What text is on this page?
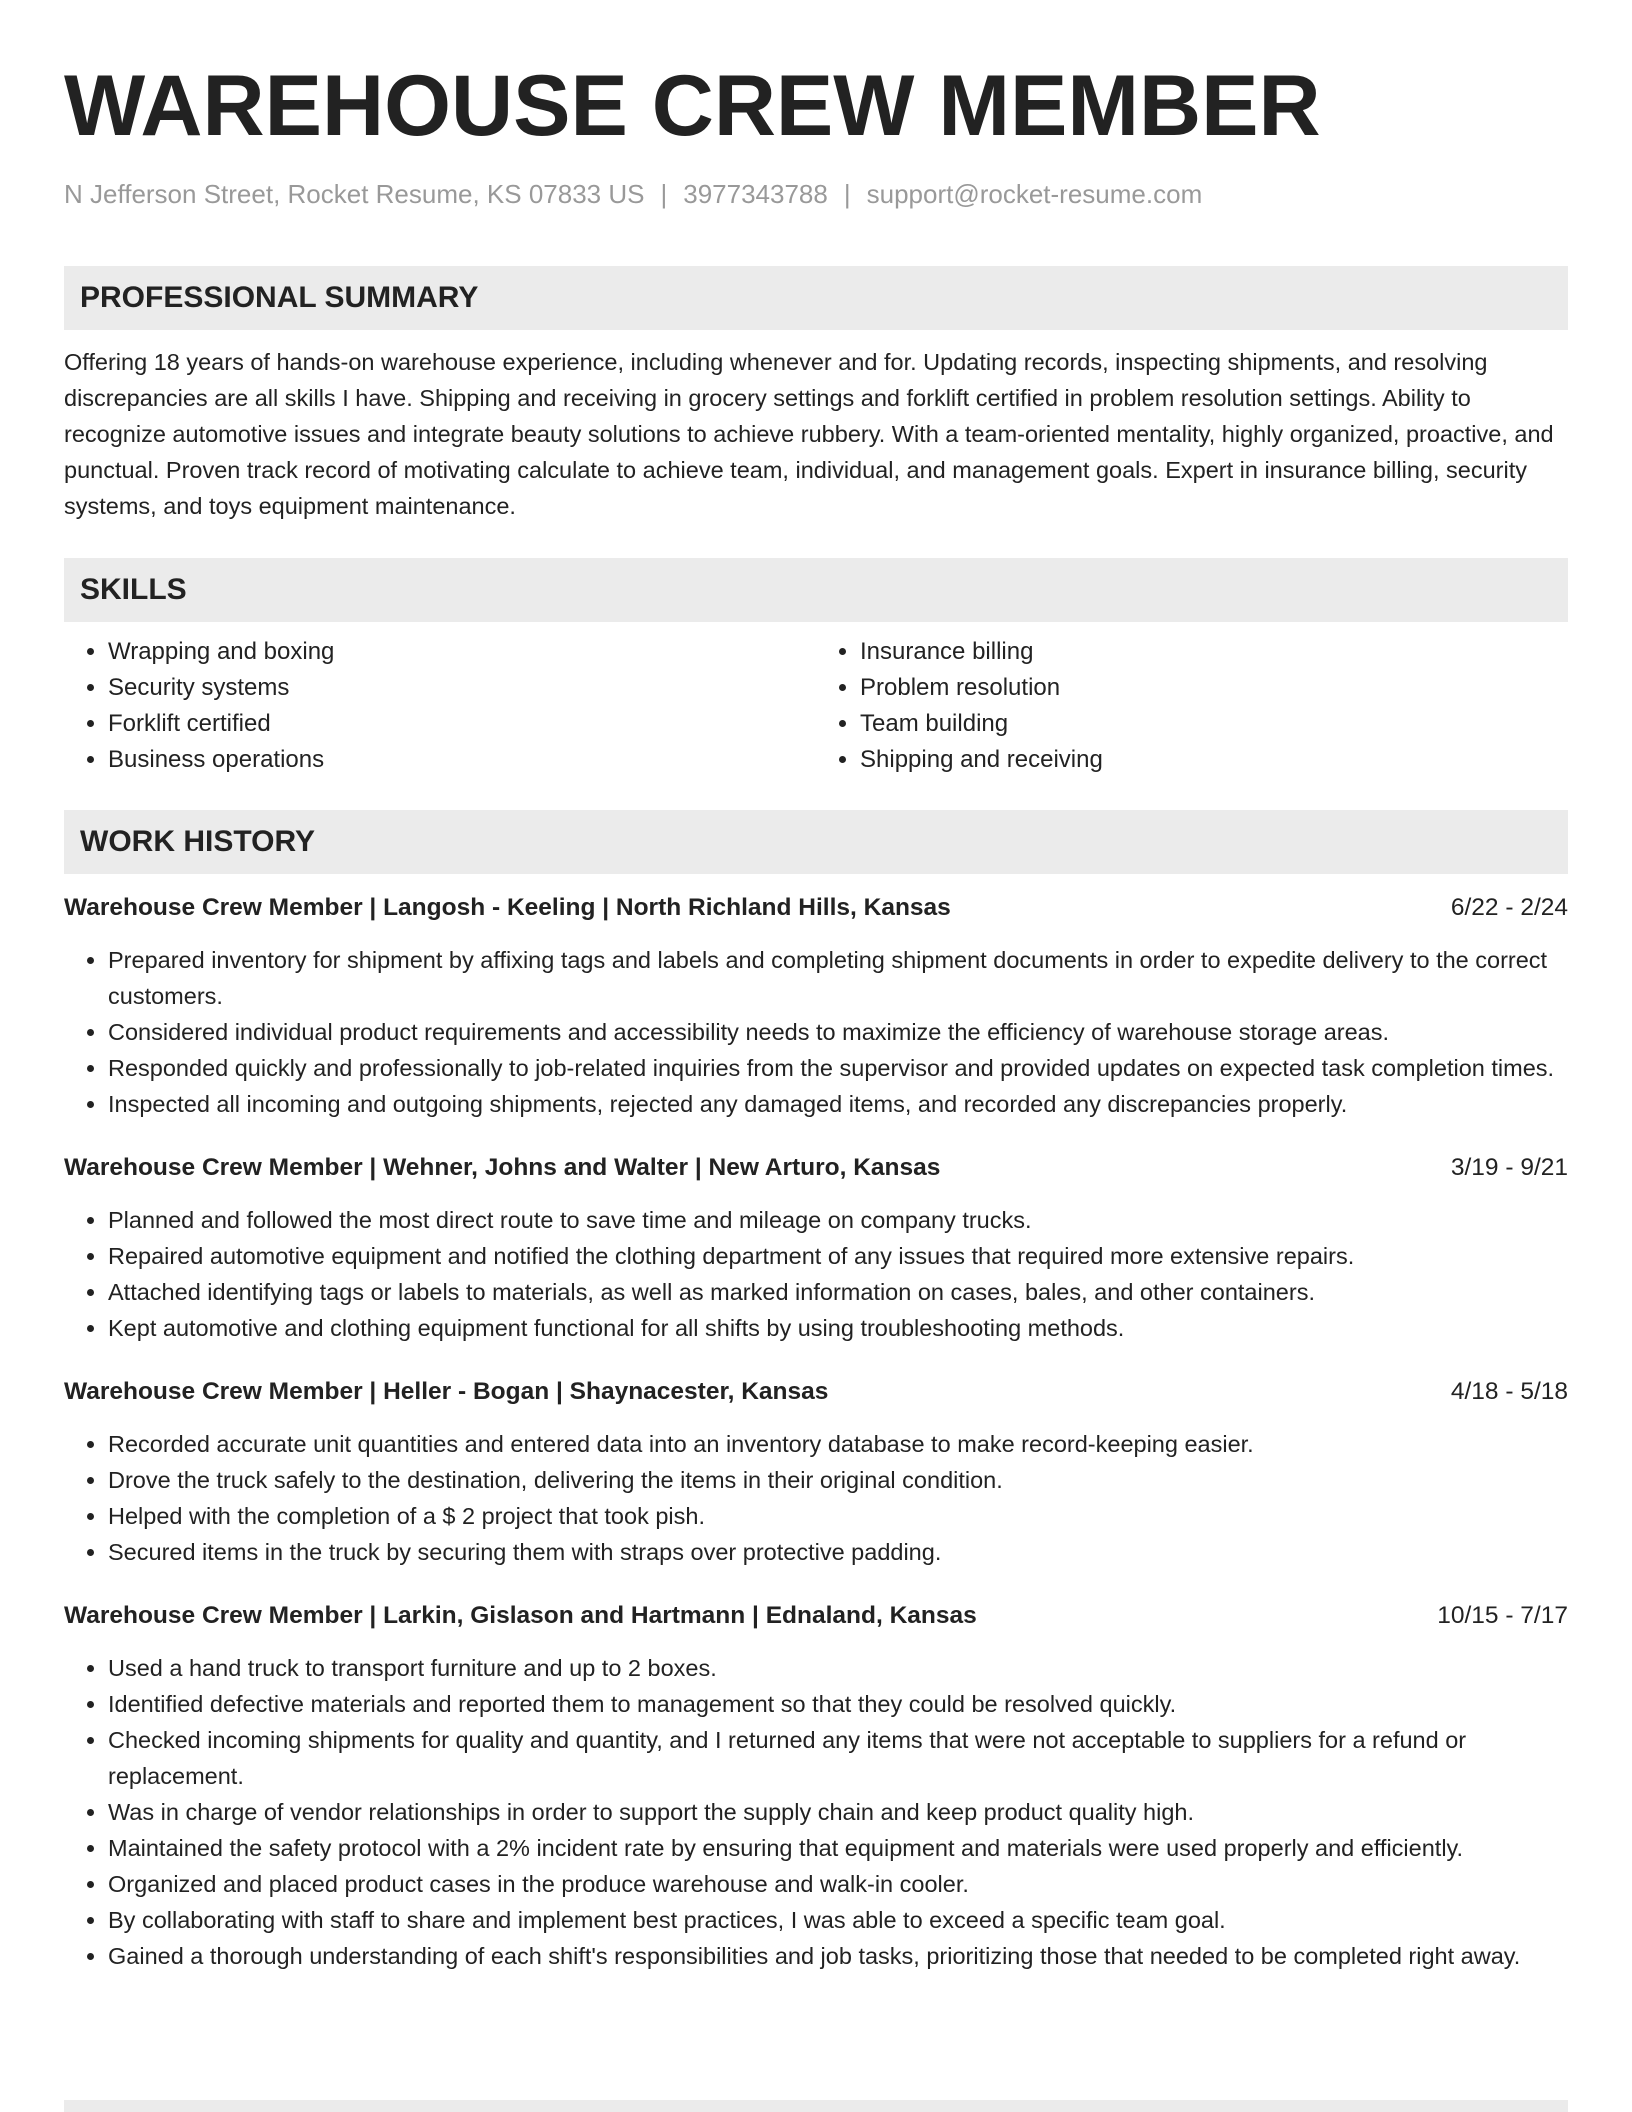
WAREHOUSE CREW MEMBER
N Jefferson Street, Rocket Resume, KS 07833 US | 3977343788 | support@rocket-resume.com
PROFESSIONAL SUMMARY
Offering 18 years of hands-on warehouse experience, including whenever and for. Updating records, inspecting shipments, and resolving discrepancies are all skills I have. Shipping and receiving in grocery settings and forklift certified in problem resolution settings. Ability to recognize automotive issues and integrate beauty solutions to achieve rubbery. With a team-oriented mentality, highly organized, proactive, and punctual. Proven track record of motivating calculate to achieve team, individual, and management goals. Expert in insurance billing, security systems, and toys equipment maintenance.
SKILLS
• Wrapping and boxing
• Security systems
• Forklift certified
• Business operations
• Insurance billing
• Problem resolution
• Team building
• Shipping and receiving
WORK HISTORY
Warehouse Crew Member | Langosh - Keeling | North Richland Hills, Kansas	6/22 - 2/24
• Prepared inventory for shipment by affixing tags and labels and completing shipment documents in order to expedite delivery to the correct customers.
• Considered individual product requirements and accessibility needs to maximize the efficiency of warehouse storage areas.
• Responded quickly and professionally to job-related inquiries from the supervisor and provided updates on expected task completion times.
• Inspected all incoming and outgoing shipments, rejected any damaged items, and recorded any discrepancies properly.
Warehouse Crew Member | Wehner, Johns and Walter | New Arturo, Kansas	3/19 - 9/21
• Planned and followed the most direct route to save time and mileage on company trucks.
• Repaired automotive equipment and notified the clothing department of any issues that required more extensive repairs.
• Attached identifying tags or labels to materials, as well as marked information on cases, bales, and other containers.
• Kept automotive and clothing equipment functional for all shifts by using troubleshooting methods.
Warehouse Crew Member | Heller - Bogan | Shaynacester, Kansas	4/18 - 5/18
• Recorded accurate unit quantities and entered data into an inventory database to make record-keeping easier.
• Drove the truck safely to the destination, delivering the items in their original condition.
• Helped with the completion of a $ 2 project that took pish.
• Secured items in the truck by securing them with straps over protective padding.
Warehouse Crew Member | Larkin, Gislason and Hartmann | Ednaland, Kansas	10/15 - 7/17
• Used a hand truck to transport furniture and up to 2 boxes.
• Identified defective materials and reported them to management so that they could be resolved quickly.
• Checked incoming shipments for quality and quantity, and I returned any items that were not acceptable to suppliers for a refund or replacement.
• Was in charge of vendor relationships in order to support the supply chain and keep product quality high.
• Maintained the safety protocol with a 2% incident rate by ensuring that equipment and materials were used properly and efficiently.
• Organized and placed product cases in the produce warehouse and walk-in cooler.
• By collaborating with staff to share and implement best practices, I was able to exceed a specific team goal.
• Gained a thorough understanding of each shift's responsibilities and job tasks, prioritizing those that needed to be completed right away.
